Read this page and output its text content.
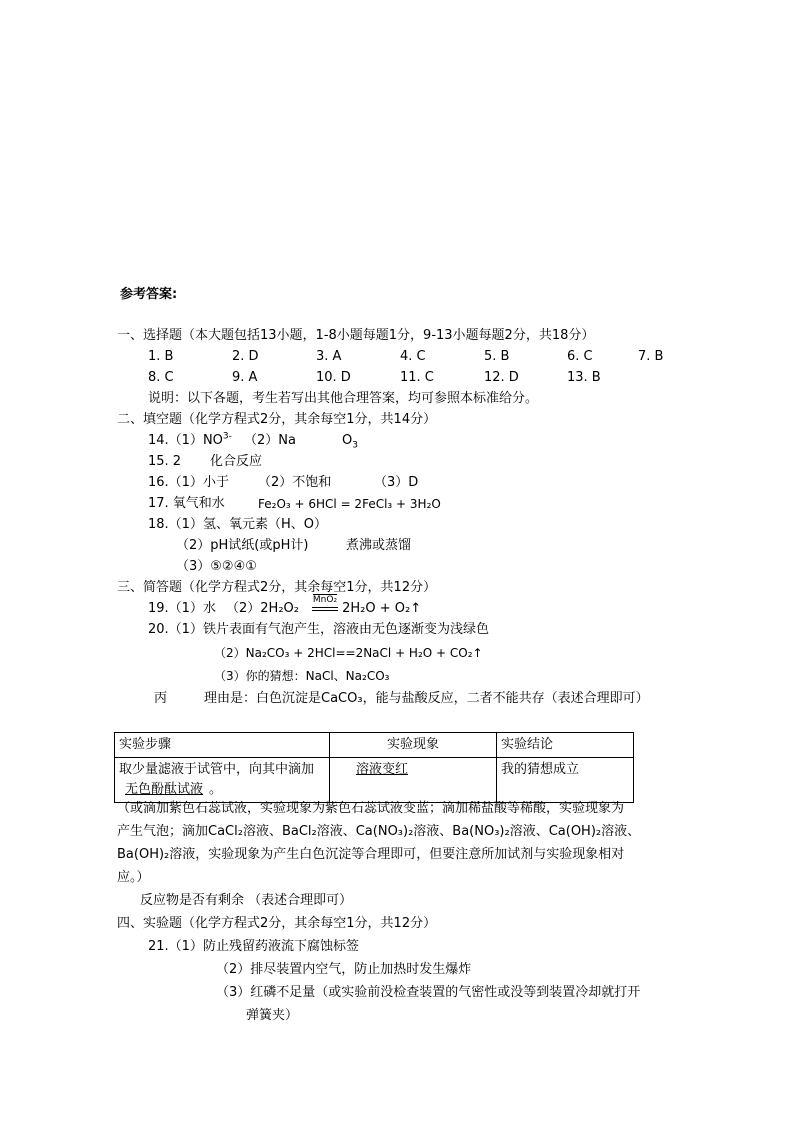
参考答案:
一、选择题（本大题包括13小题，1-8小题每题1分，9-13小题每题2分，共18分）
1. B	2. D	3. A	4. C	5. B	6. C	7. B
8. C	9. A	10. D	11. C	12. D	13. B
说明：以下各题，考生若写出其他合理答案，均可参照本标准给分。
二、填空题（化学方程式2分，其余每空1分，共14分）
$14.(1)NO^{3-}$ （2）Na	$O_3$
15. 2 化合反应
16.（1）小于 （2）不饱和	（3）D
17. 氧气和水	Fe₂O₃ + 6HCl = 2FeCl₃ + 3H₂O
18.（1）氢、氧元素（H、O）
（2）pH试纸(或pH计)	煮沸或蒸馏
（3）⑤②④①
三、简答题（化学方程式2分，其余每空1分，共12分）
19.（1）水 （2）2H₂O₂
MnO₂
2H₂O + O₂↑
20.（1）铁片表面有气泡产生，溶液由无色逐渐变为浅绿色
（2）Na₂CO₃ + 2HCl==2NaCl + H₂O + CO₂↑
（3）你的猜想：NaCl、Na₂CO₃
丙	理由是：白色沉淀是CaCO₃，能与盐酸反应，二者不能共存（表述合理即可）
实验步骤	实验现象	实验结论
取少量滤液于试管中，向其中滴加无色酚酞试液 。	溶液变红	我的猜想成立
（或滴加紫色石蕊试液，实验现象为紫色石蕊试液变蓝；滴加稀盐酸等稀酸，实验现象为
产生气泡；滴加CaCl₂溶液、BaCl₂溶液、Ca(NO₃)₂溶液、Ba(NO₃)₂溶液、Ca(OH)₂溶液、
Ba(OH)₂溶液，实验现象为产生白色沉淀等合理即可，但要注意所加试剂与实验现象相对
应。）
反应物是否有剩余 （表述合理即可）
四、实验题（化学方程式2分，其余每空1分，共12分）
21.（1）防止残留药液流下腐蚀标签
（2）排尽装置内空气，防止加热时发生爆炸
（3）红磷不足量（或实验前没检查装置的气密性或没等到装置冷却就打开
弹簧夹）
